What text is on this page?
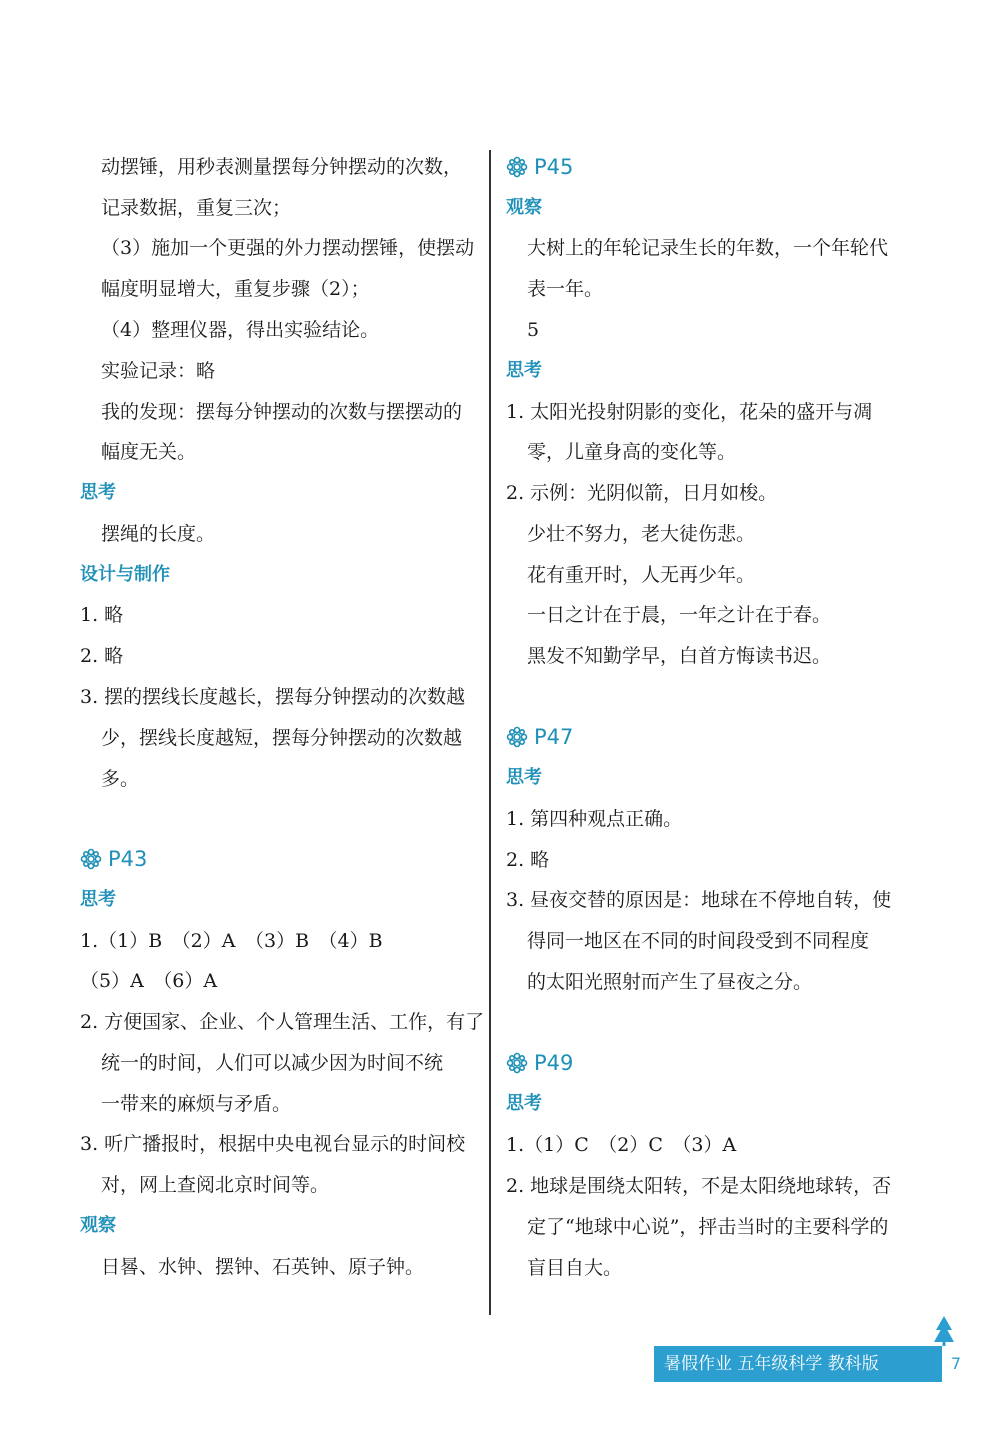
动摆锤，用秒表测量摆每分钟摆动的次数，
记录数据，重复三次；
（3）施加一个更强的外力摆动摆锤，使摆动
幅度明显增大，重复步骤（2）；
（4）整理仪器，得出实验结论。
实验记录：略
我的发现：摆每分钟摆动的次数与摆摆动的
幅度无关。
思考
摆绳的长度。
设计与制作
1. 略
2. 略
3. 摆的摆线长度越长，摆每分钟摆动的次数越
少，摆线长度越短，摆每分钟摆动的次数越
多。
P43
思考
1.（1）B　（2）A　（3）B　（4）B
（5）A　（6）A
2. 方便国家、企业、个人管理生活、工作，有了
统一的时间，人们可以减少因为时间不统
一带来的麻烦与矛盾。
3. 听广播报时，根据中央电视台显示的时间校
对，网上查阅北京时间等。
观察
日晷、水钟、摆钟、石英钟、原子钟。
P45
观察
大树上的年轮记录生长的年数，一个年轮代
表一年。
5
思考
1. 太阳光投射阴影的变化，花朵的盛开与凋
零，儿童身高的变化等。
2. 示例：光阴似箭，日月如梭。
少壮不努力，老大徒伤悲。
花有重开时，人无再少年。
一日之计在于晨，一年之计在于春。
黑发不知勤学早，白首方悔读书迟。
P47
思考
1. 第四种观点正确。
2. 略
3. 昼夜交替的原因是：地球在不停地自转，使
得同一地区在不同的时间段受到不同程度
的太阳光照射而产生了昼夜之分。
P49
思考
1.（1）C　（2）C　（3）A
2. 地球是围绕太阳转，不是太阳绕地球转，否
定了“地球中心说”，抨击当时的主要科学的
盲目自大。
暑假作业 五年级科学 教科版	7
